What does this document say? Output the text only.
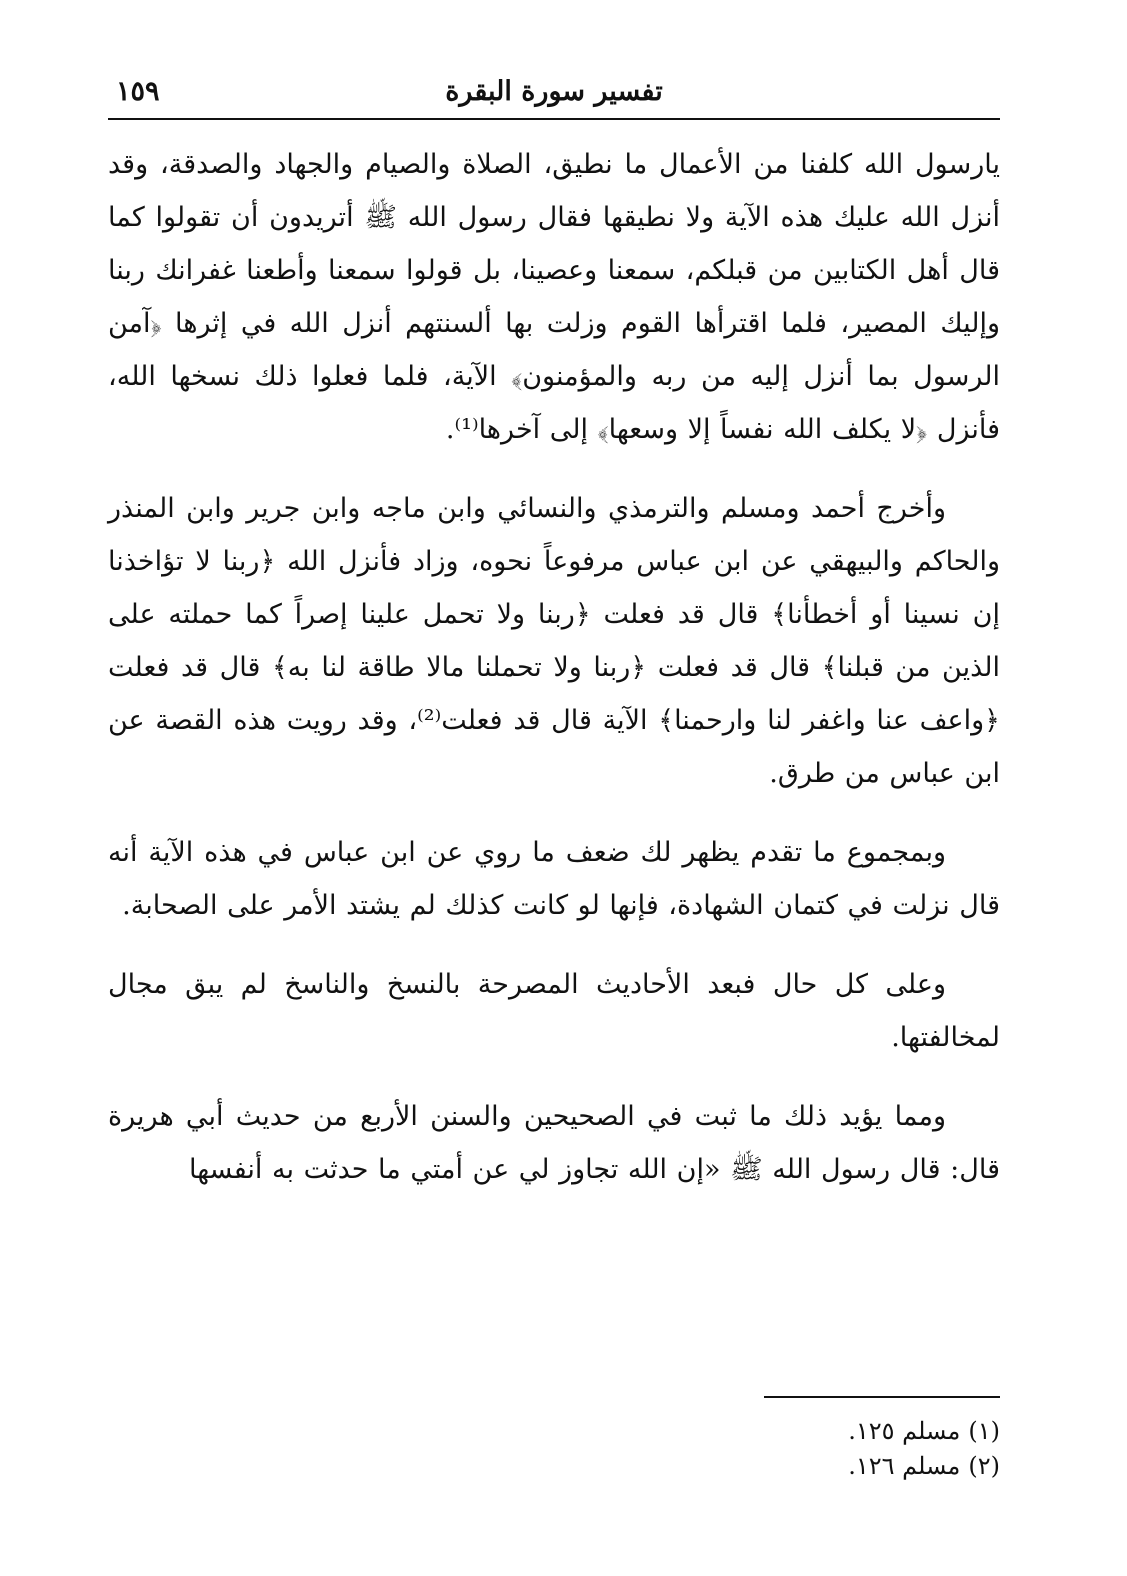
تفسير سورة البقرة
١٥٩

يارسول الله كلفنا من الأعمال ما نطيق، الصلاة والصيام والجهاد والصدقة، وقد أنزل الله عليك هذه الآية ولا نطيقها فقال رسول الله ﷺ أتريدون أن تقولوا كما قال أهل الكتابين من قبلكم، سمعنا وعصينا، بل قولوا سمعنا وأطعنا غفرانك ربنا وإليك المصير، فلما اقترأها القوم وزلت بها ألسنتهم أنزل الله في إثرها ﴿آمن الرسول بما أنزل إليه من ربه والمؤمنون﴾ الآية، فلما فعلوا ذلك نسخها الله، فأنزل ﴿لا يكلف الله نفساً إلا وسعها﴾ إلى آخرها⁽¹⁾.

وأخرج أحمد ومسلم والترمذي والنسائي وابن ماجه وابن جرير وابن المنذر والحاكم والبيهقي عن ابن عباس مرفوعاً نحوه، وزاد فأنزل الله ﴿ربنا لا تؤاخذنا إن نسينا أو أخطأنا﴾ قال قد فعلت ﴿ربنا ولا تحمل علينا إصراً كما حملته على الذين من قبلنا﴾ قال قد فعلت ﴿ربنا ولا تحملنا مالا طاقة لنا به﴾ قال قد فعلت ﴿واعف عنا واغفر لنا وارحمنا﴾ الآية قال قد فعلت⁽²⁾، وقد رويت هذه القصة عن ابن عباس من طرق.

وبمجموع ما تقدم يظهر لك ضعف ما روي عن ابن عباس في هذه الآية أنه قال نزلت في كتمان الشهادة، فإنها لو كانت كذلك لم يشتد الأمر على الصحابة.

وعلى كل حال فبعد الأحاديث المصرحة بالنسخ والناسخ لم يبق مجال لمخالفتها.

ومما يؤيد ذلك ما ثبت في الصحيحين والسنن الأربع من حديث أبي هريرة قال: قال رسول الله ﷺ «إن الله تجاوز لي عن أمتي ما حدثت به أنفسها

(١)مسلم ١٢٥.
(٢)مسلم ١٢٦.
